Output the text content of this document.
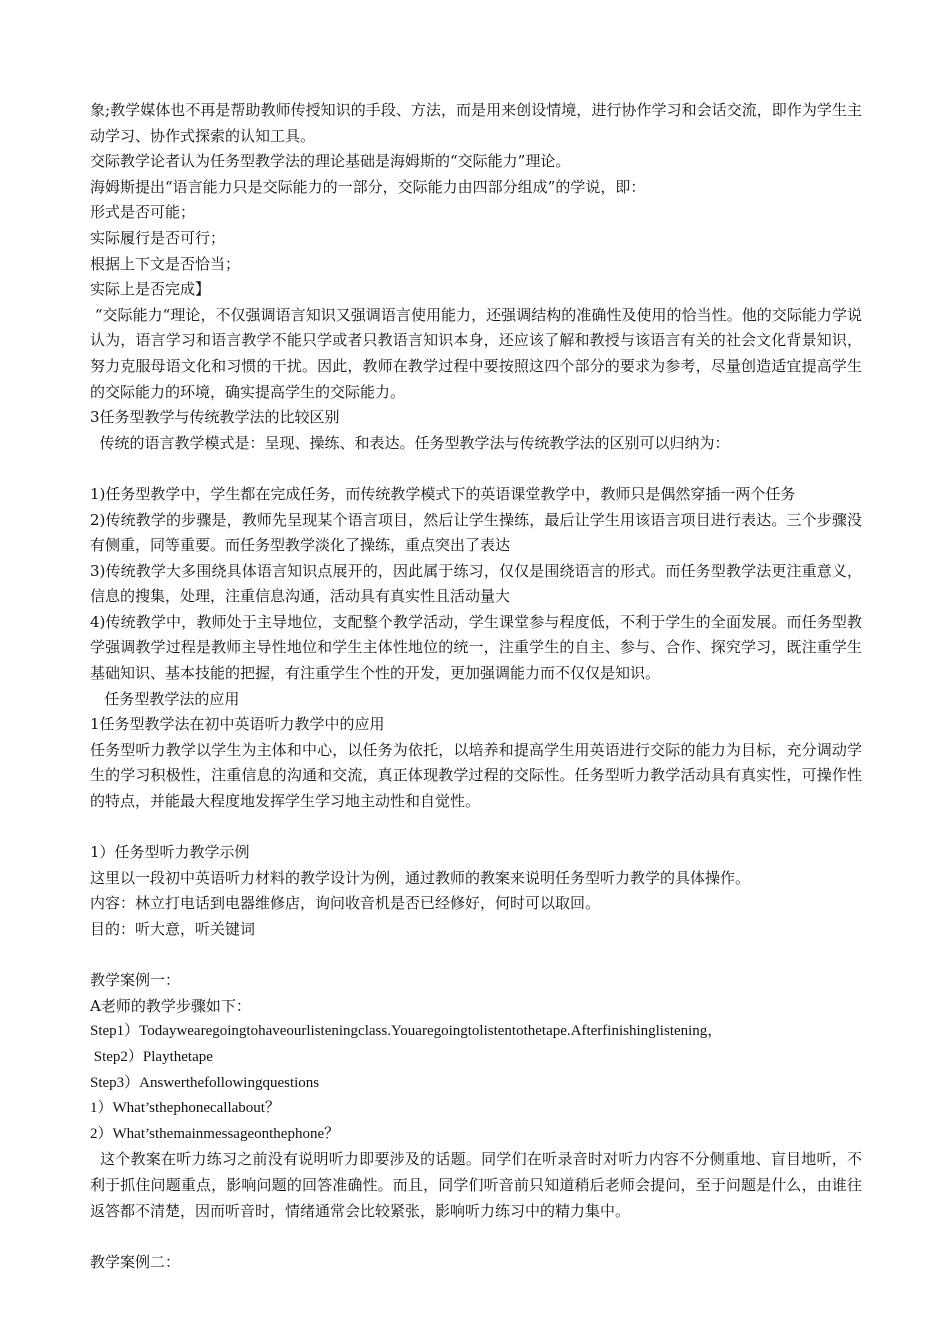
象;教学媒体也不再是帮助教师传授知识的手段、方法，而是用来创设情境，进行协作学习和会话交流，即作为学生主动学习、协作式探索的认知工具。

交际教学论者认为任务型教学法的理论基础是海姆斯的“交际能力”理论。

海姆斯提出“语言能力只是交际能力的一部分，交际能力由四部分组成”的学说，即：

形式是否可能；

实际履行是否可行；

根据上下文是否恰当；

实际上是否完成】

“交际能力“理论，不仅强调语言知识又强调语言使用能力，还强调结构的准确性及使用的恰当性。他的交际能力学说认为，语言学习和语言教学不能只学或者只教语言知识本身，还应该了解和教授与该语言有关的社会文化背景知识，努力克服母语文化和习惯的干扰。因此，教师在教学过程中要按照这四个部分的要求为参考，尽量创造适宜提高学生的交际能力的环境，确实提高学生的交际能力。

3任务型教学与传统教学法的比较区别

传统的语言教学模式是：呈现、操练、和表达。任务型教学法与传统教学法的区别可以归纳为：

1)任务型教学中，学生都在完成任务，而传统教学模式下的英语课堂教学中，教师只是偶然穿插一两个任务

2)传统教学的步骤是，教师先呈现某个语言项目，然后让学生操练，最后让学生用该语言项目进行表达。三个步骤没有侧重，同等重要。而任务型教学淡化了操练，重点突出了表达

3)传统教学大多围绕具体语言知识点展开的，因此属于练习，仅仅是围绕语言的形式。而任务型教学法更注重意义，信息的搜集，处理，注重信息沟通，活动具有真实性且活动量大

4)传统教学中，教师处于主导地位，支配整个教学活动，学生课堂参与程度低，不利于学生的全面发展。而任务型教学强调教学过程是教师主导性地位和学生主体性地位的统一，注重学生的自主、参与、合作、探究学习，既注重学生基础知识、基本技能的把握，有注重学生个性的开发，更加强调能力而不仅仅是知识。

任务型教学法的应用

1任务型教学法在初中英语听力教学中的应用

任务型听力教学以学生为主体和中心，以任务为依托，以培养和提高学生用英语进行交际的能力为目标，充分调动学生的学习积极性，注重信息的沟通和交流，真正体现教学过程的交际性。任务型听力教学活动具有真实性，可操作性的特点，并能最大程度地发挥学生学习地主动性和自觉性。

1）任务型听力教学示例

这里以一段初中英语听力材料的教学设计为例，通过教师的教案来说明任务型听力教学的具体操作。

内容：林立打电话到电器维修店，询问收音机是否已经修好，何时可以取回。

目的：听大意，听关键词

教学案例一：

A老师的教学步骤如下：

Step1）Todaywearegoingtohaveourlisteningclass.Youaregoingtolistentothetape.Afterfinishinglistening，

Step2）Playthetape

Step3）Answerthefollowingquestions

1）What’sthephonecallabout？

2）What’sthemainmessageonthephone？

这个教案在听力练习之前没有说明听力即要涉及的话题。同学们在听录音时对听力内容不分侧重地、盲目地听，不利于抓住问题重点，影响问题的回答准确性。而且，同学们听音前只知道稍后老师会提问，至于问题是什么，由谁往返答都不清楚，因而听音时，情绪通常会比较紧张，影响听力练习中的精力集中。

教学案例二：
